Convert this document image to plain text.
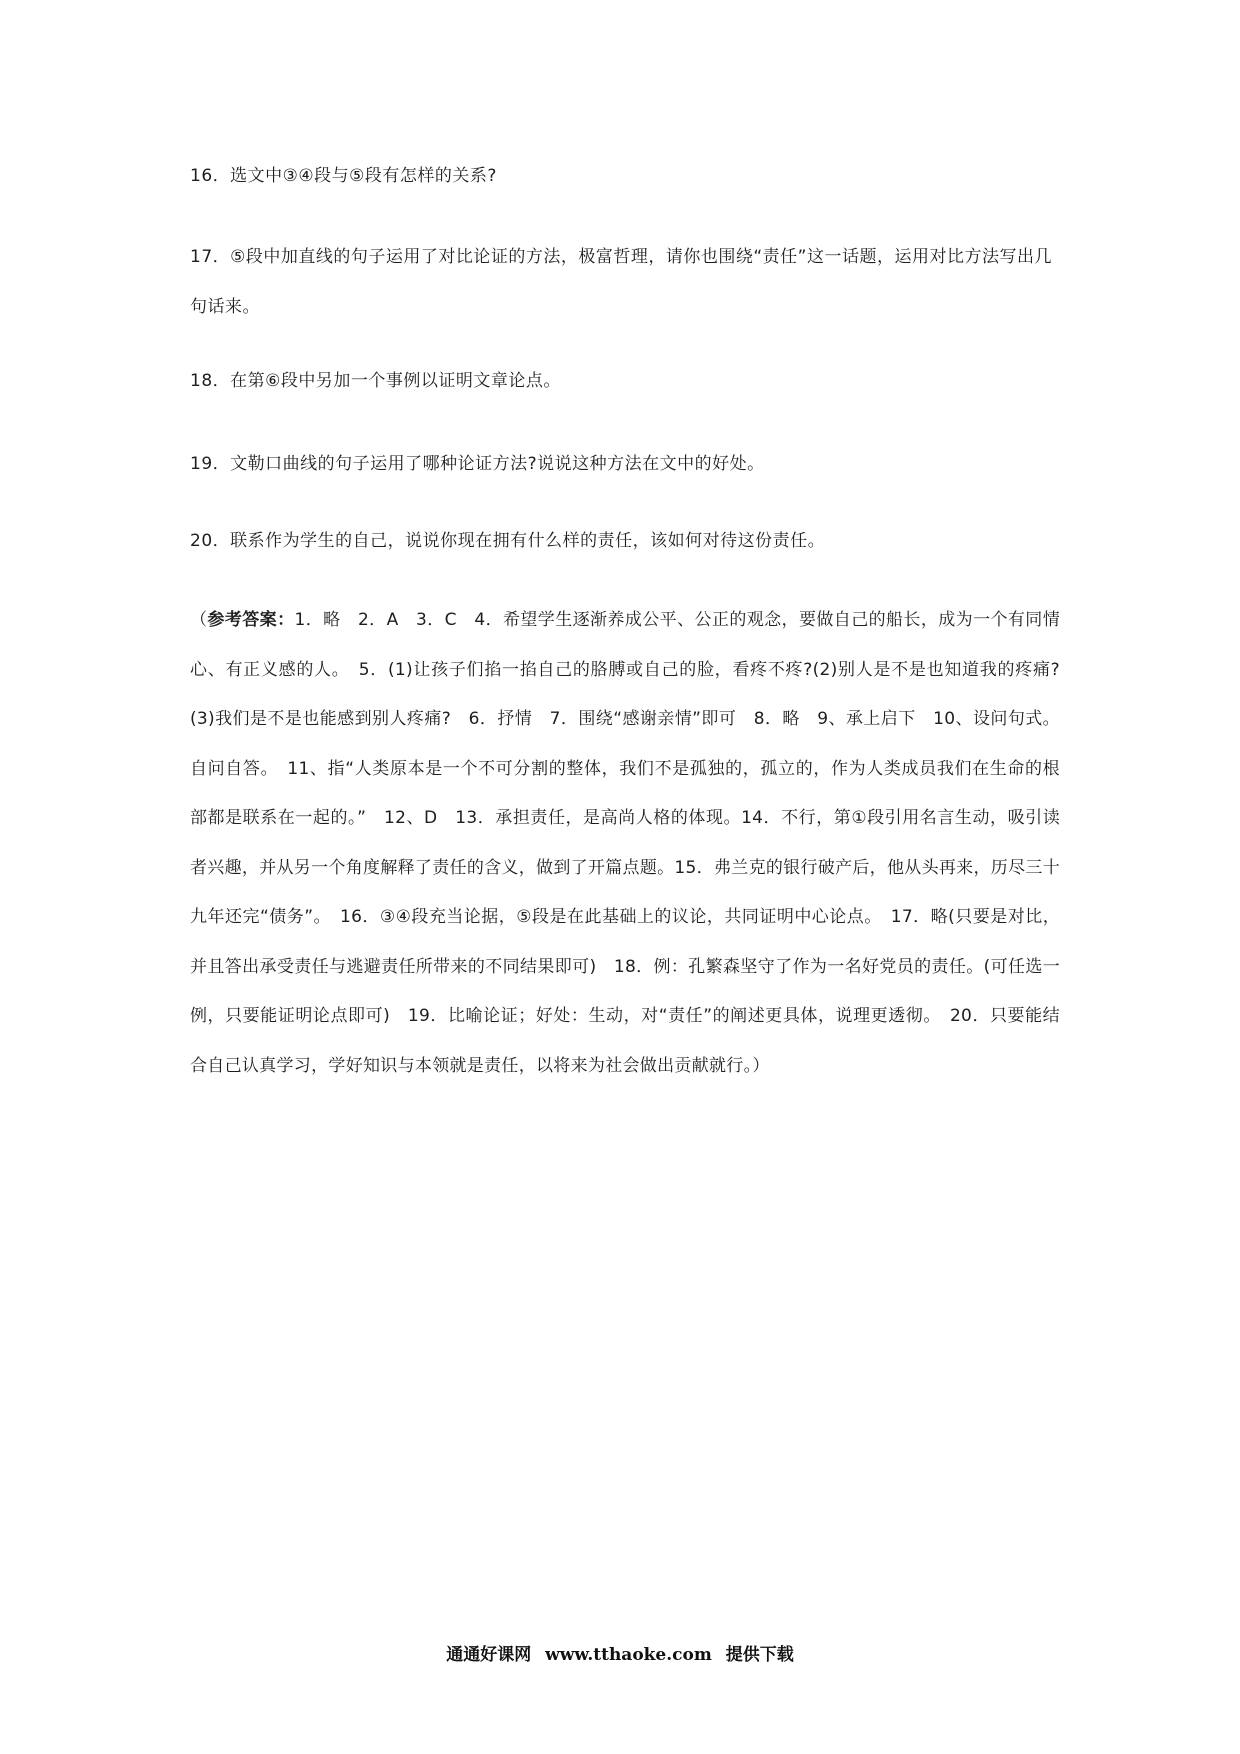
16．选文中③④段与⑤段有怎样的关系?

17．⑤段中加直线的句子运用了对比论证的方法，极富哲理，请你也围绕“责任”这一话题，运用对比方法写出几句话来。

18．在第⑥段中另加一个事例以证明文章论点。

19．文勒口曲线的句子运用了哪种论证方法?说说这种方法在文中的好处。

20．联系作为学生的自己，说说你现在拥有什么样的责任，该如何对待这份责任。

（参考答案：1．略　2．A　3．C　4．希望学生逐渐养成公平、公正的观念，要做自己的船长，成为一个有同情心、有正义感的人。　5．(1)让孩子们掐一掐自己的胳膊或自己的脸，看疼不疼?(2)别人是不是也知道我的疼痛?(3)我们是不是也能感到别人疼痛?　6．抒情　7．围绕“感谢亲情”即可　8．略　9、承上启下　10、设问句式。自问自答。　11、指“人类原本是一个不可分割的整体，我们不是孤独的，孤立的，作为人类成员我们在生命的根部都是联系在一起的。”　12、D　13．承担责任，是高尚人格的体现。14．不行，第①段引用名言生动，吸引读者兴趣，并从另一个角度解释了责任的含义，做到了开篇点题。15．弗兰克的银行破产后，他从头再来，历尽三十九年还完“债务”。　16．③④段充当论据，⑤段是在此基础上的议论，共同证明中心论点。　17．略(只要是对比，并且答出承受责任与逃避责任所带来的不同结果即可)　18．例：孔繁森坚守了作为一名好党员的责任。(可任选一例，只要能证明论点即可)　19．比喻论证；好处：生动，对“责任”的阐述更具体，说理更透彻。　20．只要能结合自己认真学习，学好知识与本领就是责任，以将来为社会做出贡献就行。）

通通好课网 www.tthaoke.com 提供下载
